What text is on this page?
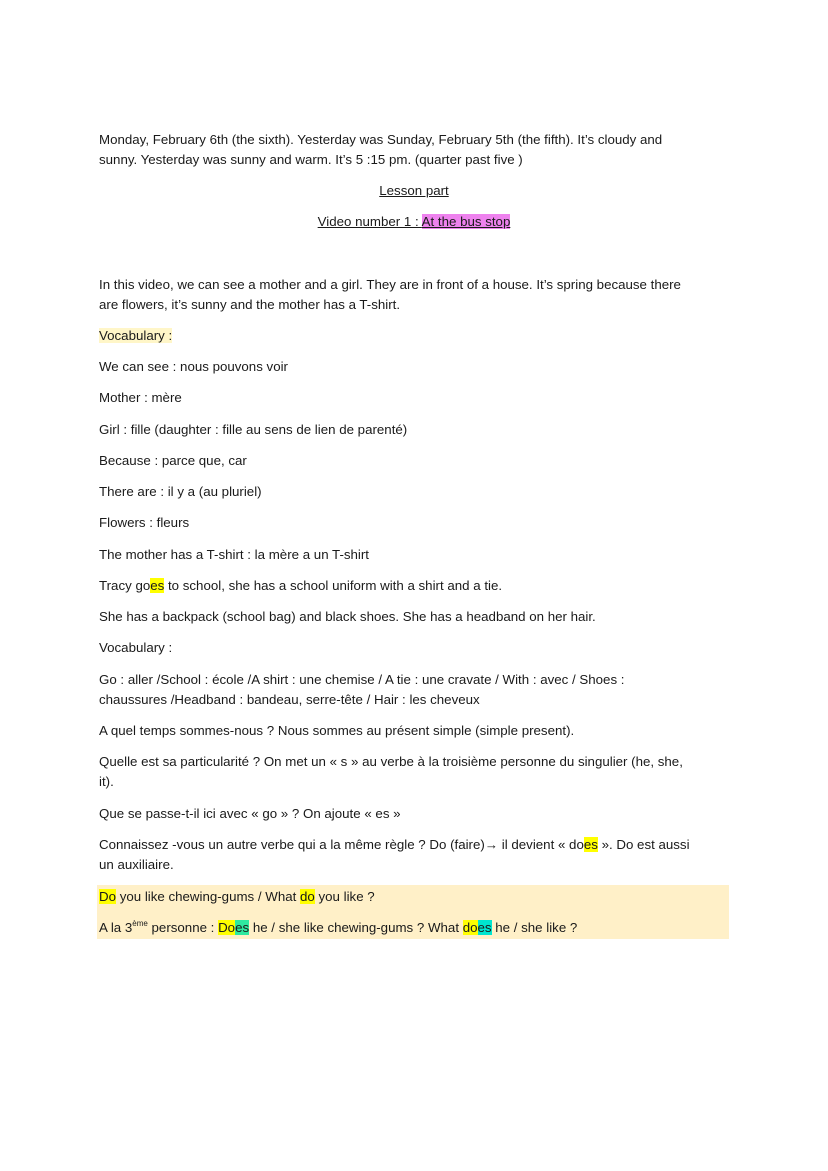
Monday, February 6th (the sixth). Yesterday was Sunday, February 5th (the fifth). It’s cloudy and
sunny. Yesterday was sunny and warm. It’s 5 :15 pm. (quarter past five )
Lesson part
Video number 1 : At the bus stop
In this video, we can see a mother and a girl. They are in front of a house. It’s spring because there
are flowers, it’s sunny and the mother has a T-shirt.
Vocabulary :
We can see : nous pouvons voir
Mother : mère
Girl : fille (daughter : fille au sens de lien de parenté)
Because : parce que, car
There are : il y a (au pluriel)
Flowers : fleurs
The mother has a T-shirt : la mère a un T-shirt
Tracy goes to school, she has a school uniform with a shirt and a tie.
She has a backpack (school bag) and black shoes. She has a headband on her hair.
Vocabulary :
Go : aller /School : école /A shirt : une chemise / A tie : une cravate / With : avec / Shoes :
chaussures /Headband : bandeau, serre-tête / Hair : les cheveux
A quel temps sommes-nous ? Nous sommes au présent simple (simple present).
Quelle est sa particularité ? On met un « s » au verbe à la troisième personne du singulier (he, she,
it).
Que se passe-t-il ici avec « go » ? On ajoute « es »
Connaissez -vous un autre verbe qui a la même règle ? Do (faire)→ il devient « does ». Do est aussi
un auxiliaire.
Do you like chewing-gums / What do you like ?
A la 3ème personne : Does he / she like chewing-gums ? What does he / she like ?
